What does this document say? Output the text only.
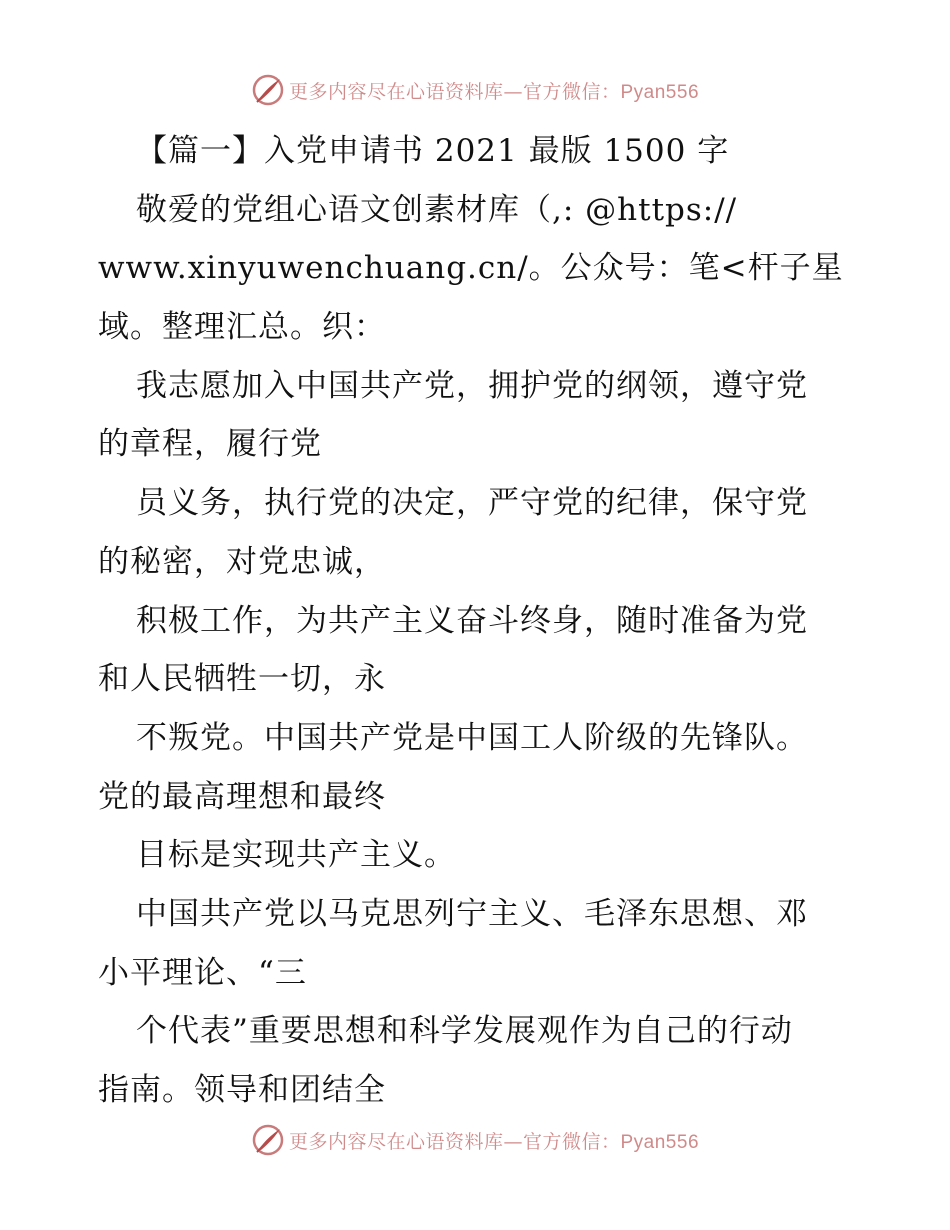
更多内容尽在心语资料库—官方微信：Pyan556
【篇一】入党申请书 2021 最版 1500 字
敬爱的党组心语文创素材库（,: @https://
www.xinyuwenchuang.cn/。公众号：笔<杆子星
域。整理汇总。织：
我志愿加入中国共产党，拥护党的纲领，遵守党
的章程，履行党
员义务，执行党的决定，严守党的纪律，保守党
的秘密，对党忠诚，
积极工作，为共产主义奋斗终身，随时准备为党
和人民牺牲一切，永
不叛党。中国共产党是中国工人阶级的先锋队。
党的最高理想和最终
目标是实现共产主义。
中国共产党以马克思列宁主义、毛泽东思想、邓
小平理论、“三
个代表”重要思想和科学发展观作为自己的行动
指南。领导和团结全
更多内容尽在心语资料库—官方微信：Pyan556
